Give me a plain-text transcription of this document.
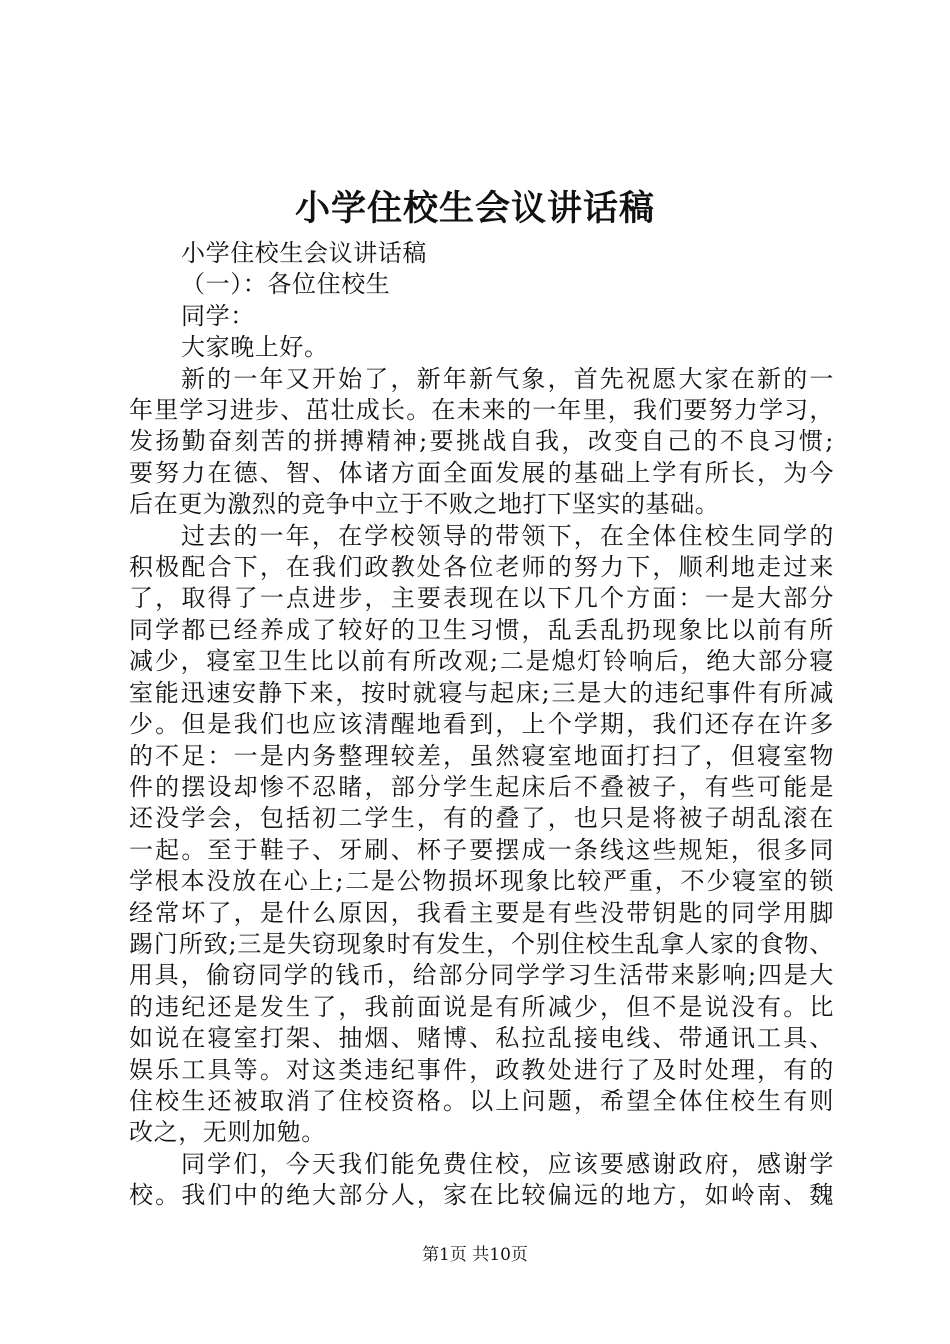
小学住校生会议讲话稿

小学住校生会议讲话稿

（一）：各位住校生

同学：

大家晚上好。

新的一年又开始了，新年新气象，首先祝愿大家在新的一

年里学习进步、茁壮成长。在未来的一年里，我们要努力学习，

发扬勤奋刻苦的拼搏精神;要挑战自我，改变自己的不良习惯;

要努力在德、智、体诸方面全面发展的基础上学有所长，为今

后在更为激烈的竞争中立于不败之地打下坚实的基础。

过去的一年，在学校领导的带领下，在全体住校生同学的

积极配合下，在我们政教处各位老师的努力下，顺利地走过来

了，取得了一点进步，主要表现在以下几个方面：一是大部分

同学都已经养成了较好的卫生习惯，乱丢乱扔现象比以前有所

减少，寝室卫生比以前有所改观;二是熄灯铃响后，绝大部分寝

室能迅速安静下来，按时就寝与起床;三是大的违纪事件有所减

少。但是我们也应该清醒地看到，上个学期，我们还存在许多

的不足：一是内务整理较差，虽然寝室地面打扫了，但寝室物

件的摆设却惨不忍睹，部分学生起床后不叠被子，有些可能是

还没学会，包括初二学生，有的叠了，也只是将被子胡乱滚在

一起。至于鞋子、牙刷、杯子要摆成一条线这些规矩，很多同

学根本没放在心上;二是公物损坏现象比较严重，不少寝室的锁

经常坏了，是什么原因，我看主要是有些没带钥匙的同学用脚

踢门所致;三是失窃现象时有发生，个别住校生乱拿人家的食物、

用具，偷窃同学的钱币，给部分同学学习生活带来影响;四是大

的违纪还是发生了，我前面说是有所减少，但不是说没有。比

如说在寝室打架、抽烟、赌博、私拉乱接电线、带通讯工具、

娱乐工具等。对这类违纪事件，政教处进行了及时处理，有的

住校生还被取消了住校资格。以上问题，希望全体住校生有则

改之，无则加勉。

同学们，今天我们能免费住校，应该要感谢政府，感谢学

校。我们中的绝大部分人，家在比较偏远的地方，如岭南、魏

第1页 共10页
